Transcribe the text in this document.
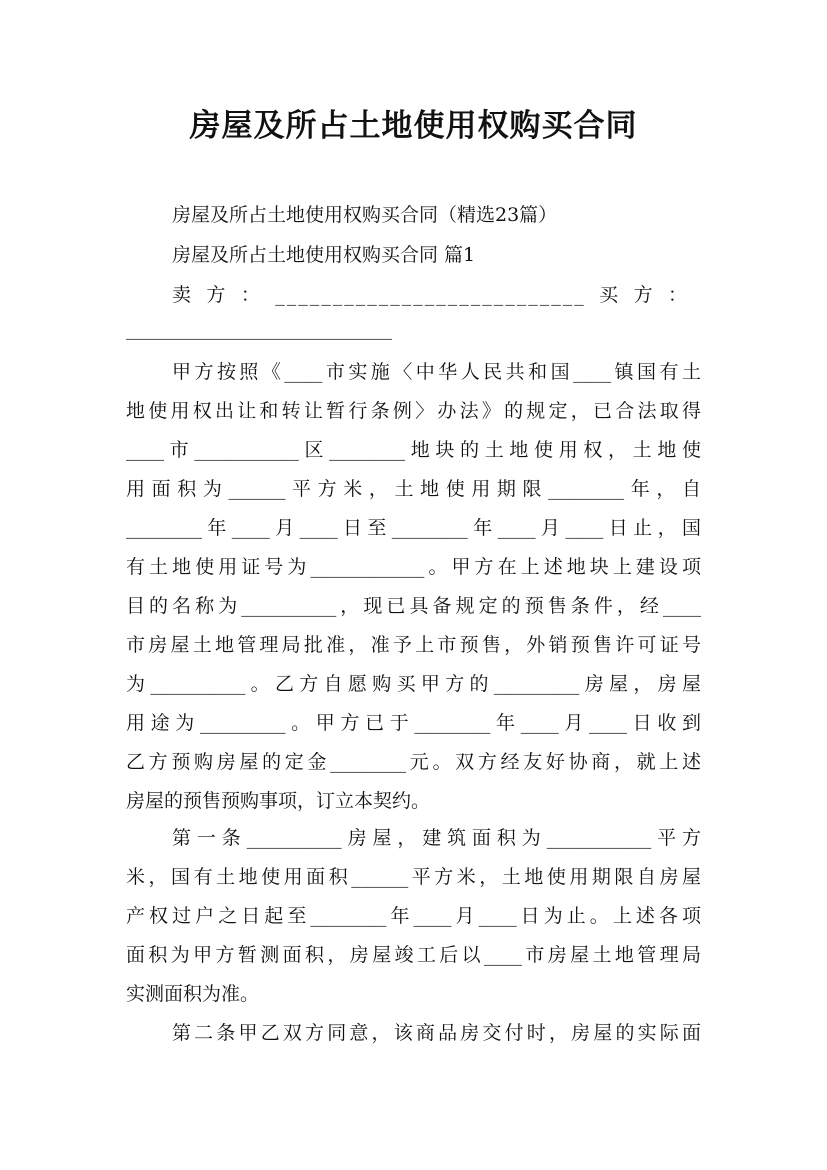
房屋及所占土地使用权购买合同
房屋及所占土地使用权购买合同（精选23篇）
房屋及所占土地使用权购买合同 篇1
卖方：___________________________买方：
____________________________
甲方按照《____市实施〈中华人民共和国____镇国有土
地使用权出让和转让暂行条例〉办法》的规定，已合法取得
____市___________区________地块的土地使用权，土地使
用面积为______平方米，土地使用期限________年，自
________年____月____日至________年____月____日止，国
有土地使用证号为____________。甲方在上述地块上建设项
目的名称为__________，现已具备规定的预售条件，经____
市房屋土地管理局批准，准予上市预售，外销预售许可证号
为__________。乙方自愿购买甲方的_________房屋，房屋
用途为_________。甲方已于________年____月____日收到
乙方预购房屋的定金________元。双方经友好协商，就上述
房屋的预售预购事项，订立本契约。
第一条__________房屋，建筑面积为___________平方
米，国有土地使用面积______平方米，土地使用期限自房屋
产权过户之日起至________年____月____日为止。上述各项
面积为甲方暂测面积，房屋竣工后以____市房屋土地管理局
实测面积为准。
第二条甲乙双方同意，该商品房交付时，房屋的实际面
